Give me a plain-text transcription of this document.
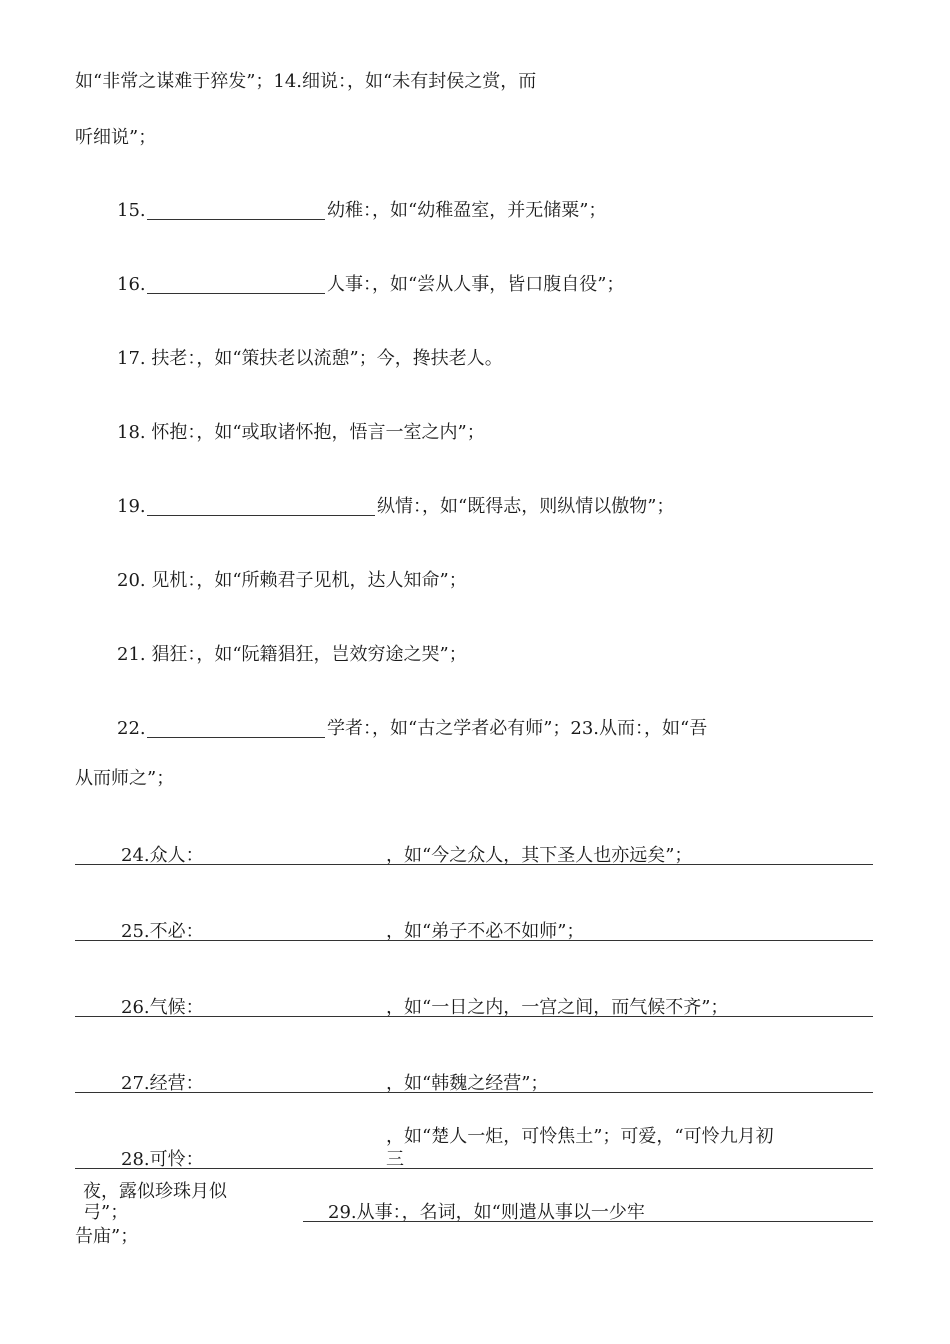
如“非常之谋难于猝发”；14.细说：，如“未有封侯之赏，而
听细说”；
15.	幼稚：，如“幼稚盈室，并无储粟”；
16.	人事：，如“尝从人事，皆口腹自役”；
17. 扶老：，如“策扶老以流憩”；今，搀扶老人。
18. 怀抱：，如“或取诸怀抱，悟言一室之内”；
19.	纵情：，如“既得志，则纵情以傲物”；
20. 见机：，如“所赖君子见机，达人知命”；
21. 猖狂：，如“阮籍猖狂，岂效穷途之哭”；
22.	学者：，如“古之学者必有师”；23.从而：，如“吾
从而师之”；
24.众人：	，如“今之众人，其下圣人也亦远矣”；
25.不必：	，如“弟子不必不如师”；
26.气候：	，如“一日之内，一宫之间，而气候不齐”；
27.经营：	，如“韩魏之经营”；
，如“楚人一炬，可怜焦土”；可爱，“可怜九月初
三
28.可怜：
夜，露似珍珠月似
弓”；	29.从事：，名词，如“则遣从事以一少牢
告庙”；
